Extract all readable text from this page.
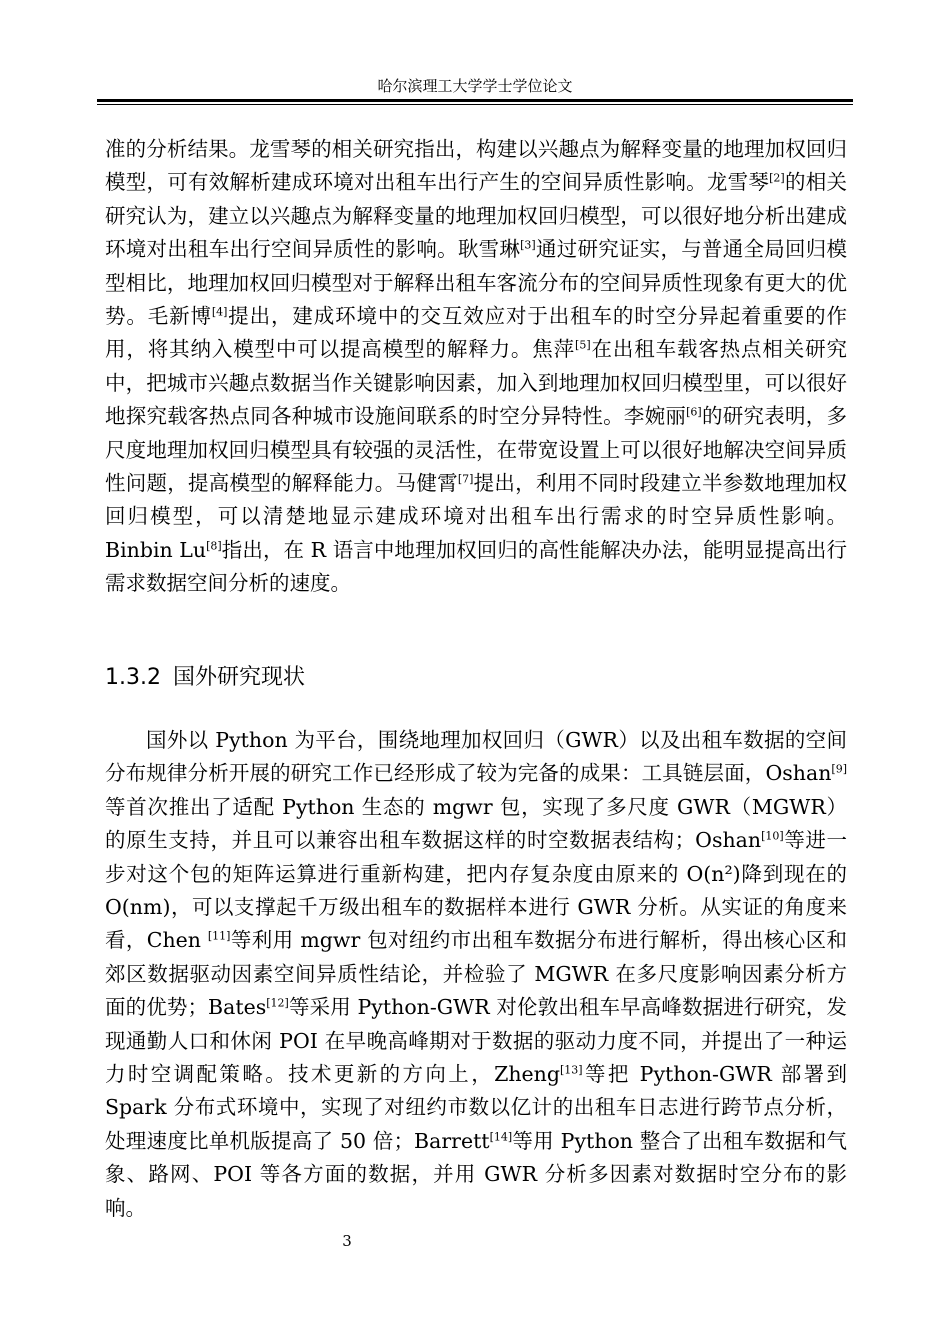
哈尔滨理工大学学士学位论文

准的分析结果。龙雪琴的相关研究指出，构建以兴趣点为解释变量的地理加权回归模型，可有效解析建成环境对出租车出行产生的空间异质性影响。龙雪琴[2]的相关研究认为，建立以兴趣点为解释变量的地理加权回归模型，可以很好地分析出建成环境对出租车出行空间异质性的影响。耿雪琳[3]通过研究证实，与普通全局回归模型相比，地理加权回归模型对于解释出租车客流分布的空间异质性现象有更大的优势。毛新博[4]提出，建成环境中的交互效应对于出租车的时空分异起着重要的作用，将其纳入模型中可以提高模型的解释力。焦萍[5]在出租车载客热点相关研究中，把城市兴趣点数据当作关键影响因素，加入到地理加权回归模型里，可以很好地探究载客热点同各种城市设施间联系的时空分异特性。李婉丽[6]的研究表明，多尺度地理加权回归模型具有较强的灵活性，在带宽设置上可以很好地解决空间异质性问题，提高模型的解释能力。马健霄[7]提出，利用不同时段建立半参数地理加权回归模型，可以清楚地显示建成环境对出租车出行需求的时空异质性影响。Binbin Lu[8]指出，在 R 语言中地理加权回归的高性能解决办法，能明显提高出行需求数据空间分析的速度。

1.3.2 国外研究现状

国外以 Python 为平台，围绕地理加权回归（GWR）以及出租车数据的空间分布规律分析开展的研究工作已经形成了较为完备的成果：工具链层面，Oshan[9]等首次推出了适配 Python 生态的 mgwr 包，实现了多尺度 GWR（MGWR）的原生支持，并且可以兼容出租车数据这样的时空数据表结构；Oshan[10]等进一步对这个包的矩阵运算进行重新构建，把内存复杂度由原来的 O(n²)降到现在的 O(nm)，可以支撑起千万级出租车的数据样本进行 GWR 分析。从实证的角度来看，Chen [11]等利用 mgwr 包对纽约市出租车数据分布进行解析，得出核心区和郊区数据驱动因素空间异质性结论，并检验了 MGWR 在多尺度影响因素分析方面的优势；Bates[12]等采用 Python-GWR 对伦敦出租车早高峰数据进行研究，发现通勤人口和休闲 POI 在早晚高峰期对于数据的驱动力度不同，并提出了一种运力时空调配策略。技术更新的方向上，Zheng[13]等把 Python-GWR 部署到 Spark 分布式环境中，实现了对纽约市数以亿计的出租车日志进行跨节点分析，处理速度比单机版提高了 50 倍；Barrett[14]等用 Python 整合了出租车数据和气象、路网、POI 等各方面的数据，并用 GWR 分析多因素对数据时空分布的影响。

3
